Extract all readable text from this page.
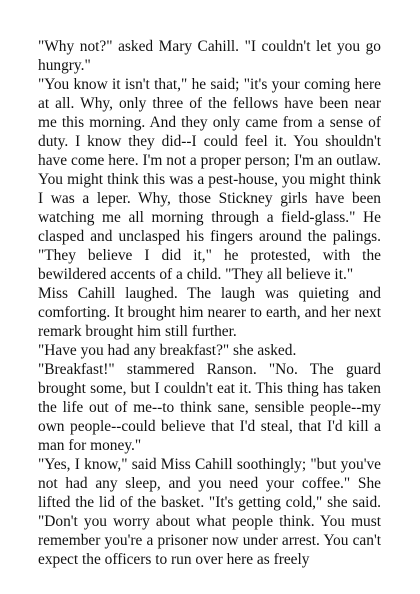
"Why not?" asked Mary Cahill. "I couldn't let you go hungry."

"You know it isn't that," he said; "it's your coming here at all. Why, only three of the fellows have been near me this morning. And they only came from a sense of duty. I know they did--I could feel it. You shouldn't have come here. I'm not a proper person; I'm an outlaw. You might think this was a pest-house, you might think I was a leper. Why, those Stickney girls have been watching me all morning through a field-glass." He clasped and unclasped his fingers around the palings. "They believe I did it," he protested, with the bewildered accents of a child. "They all believe it."

Miss Cahill laughed. The laugh was quieting and comforting. It brought him nearer to earth, and her next remark brought him still further.

"Have you had any breakfast?" she asked.

"Breakfast!" stammered Ranson. "No. The guard brought some, but I couldn't eat it. This thing has taken the life out of me--to think sane, sensible people--my own people--could believe that I'd steal, that I'd kill a man for money."

"Yes, I know," said Miss Cahill soothingly; "but you've not had any sleep, and you need your coffee." She lifted the lid of the basket. "It's getting cold," she said. "Don't you worry about what people think. You must remember you're a prisoner now under arrest. You can't expect the officers to run over here as freely
